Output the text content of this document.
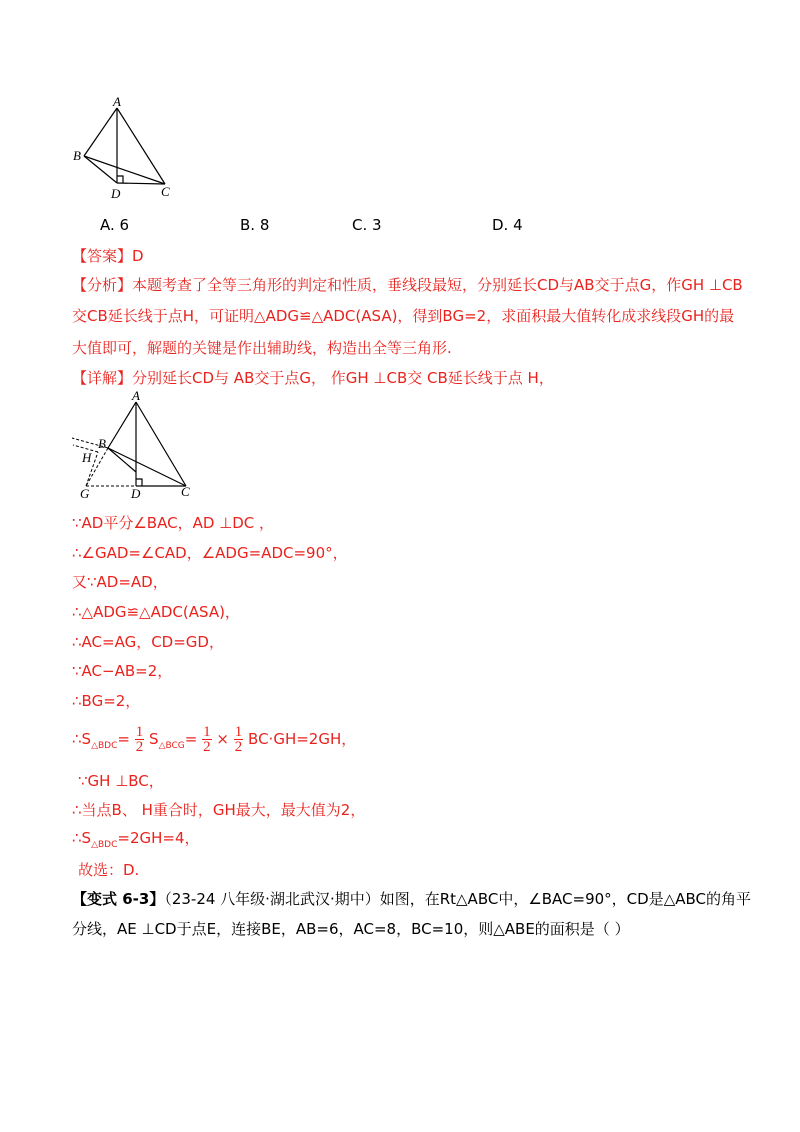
A
B
D	C
A. 6	B. 8	C. 3	D. 4
【答案】D
【分析】本题考查了全等三角形的判定和性质，垂线段最短，分别延长CD与AB交于点G，作GH ⊥CB
交CB延长线于点H，可证明△ADG≌△ADC(ASA)，得到BG=2，求面积最大值转化成求线段GH的最
大值即可，解题的关键是作出辅助线，构造出全等三角形.
【详解】分别延长CD与 AB交于点G， 作GH ⊥CB交 CB延长线于点 H，
A
B
H
G	D	C
∵AD平分∠BAC，AD ⊥DC ，
∴∠GAD=∠CAD，∠ADG=ADC=90°，
又∵AD=AD，
∴△ADG≌△ADC(ASA)，
∴AC=AG，CD=GD，
∵AC−AB=2，
∴BG=2，
$\therefore S_{\triangle BDC}= \frac{1}{2} S_{\triangle BCG}= \frac{1}{2} \times \frac{1}{2} BC\cdot GH=2GH$，
∵GH ⊥BC，
∴当点B、 H重合时，GH最大，最大值为2，
$\therefore S_{\triangle BDC}=2GH=4$，
故选：D.
【变式 6-3】（23-24 八年级·湖北武汉·期中）如图，在Rt△ABC中，∠BAC=90°，CD是△ABC的角平
分线，AE ⊥CD于点E，连接BE，AB=6，AC=8，BC=10，则△ABE的面积是（ ）
